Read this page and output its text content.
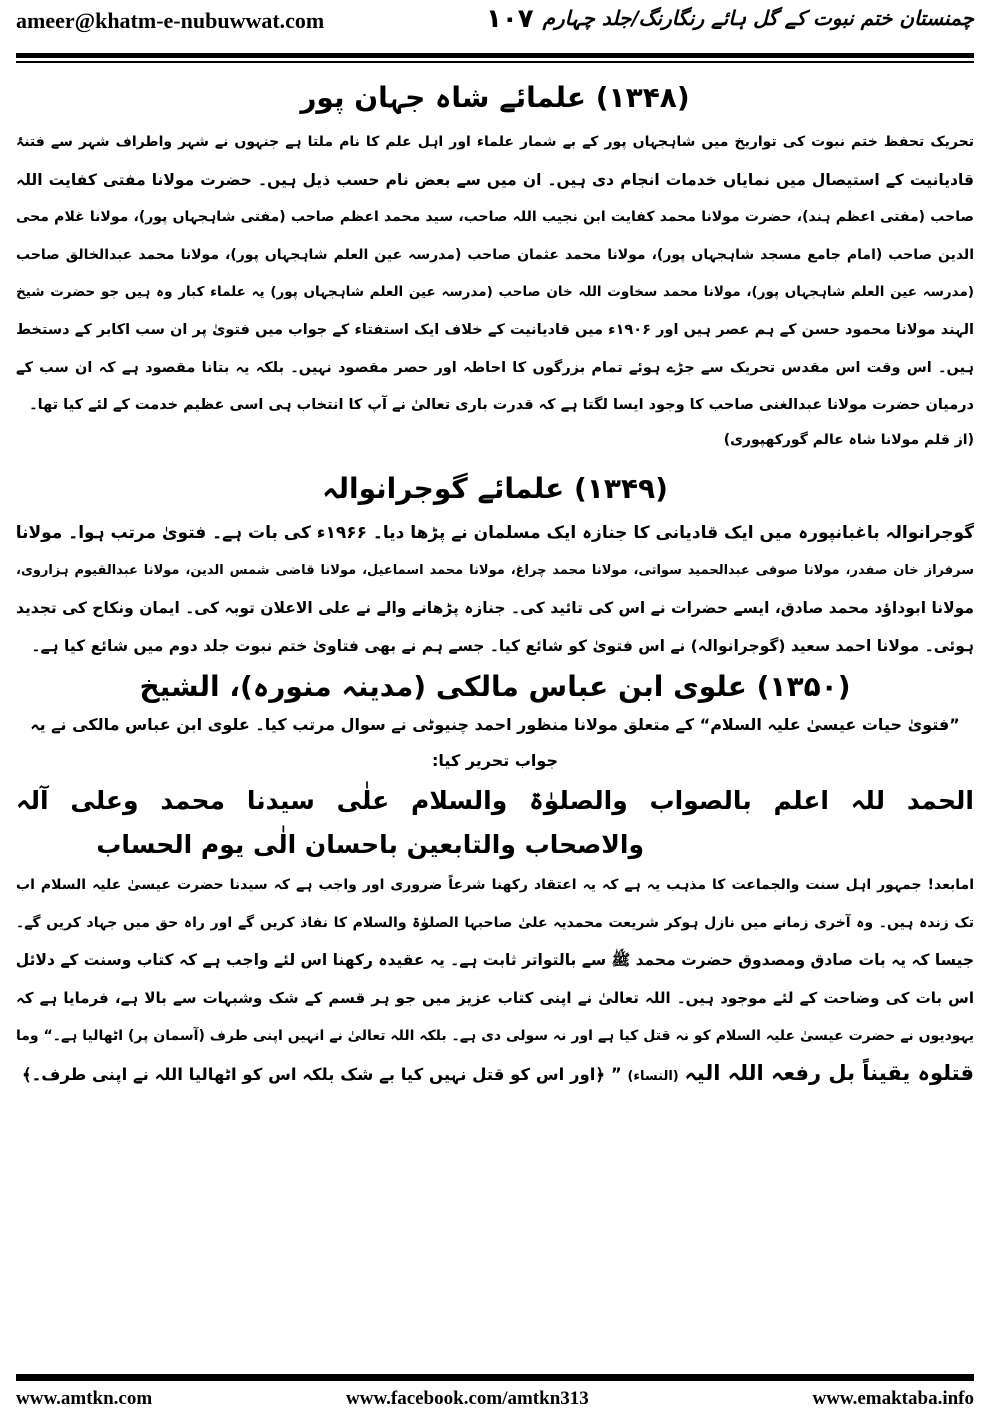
ameer@khatm-e-nubuwwat.com	۱۰۷ چمنستان ختم نبوت کے گل ہائے رنگارنگ/جلد چہارم
(۱۳۴۸) علمائے شاہ جہان پور
تحریک تحفظ ختم نبوت کی تواریخ میں شاہجہاں پور کے بے شمار علماء اور اہل علم کا نام ملتا ہے جنہوں نے شہر واطراف شہر سے فتنۂ
قادیانیت کے استیصال میں نمایاں خدمات انجام دی ہیں۔ ان میں سے بعض نام حسب ذیل ہیں۔ حضرت مولانا مفتی کفایت اللہ
صاحب (مفتی اعظم ہند)، حضرت مولانا محمد کفایت ابن نجیب اللہ صاحب، سید محمد اعظم صاحب (مفتی شاہجہاں پور)، مولانا غلام محی
الدین صاحب (امام جامع مسجد شاہجہاں پور)، مولانا محمد عثمان صاحب (مدرسہ عین العلم شاہجہاں پور)، مولانا محمد عبدالخالق صاحب
(مدرسہ عین العلم شاہجہاں پور)، مولانا محمد سخاوت اللہ خان صاحب (مدرسہ عین العلم شاہجہاں پور) یہ علماء کبار وہ ہیں جو حضرت شیخ
الہند مولانا محمود حسن کے ہم عصر ہیں اور ۱۹۰۶ء میں قادیانیت کے خلاف ایک استفتاء کے جواب میں فتویٰ پر ان سب اکابر کے دستخط
ہیں۔ اس وقت اس مقدس تحریک سے جڑے ہوئے تمام بزرگوں کا احاطہ اور حصر مقصود نہیں۔ بلکہ یہ بتانا مقصود ہے کہ ان سب کے
درمیان حضرت مولانا عبدالغنی صاحب کا وجود ایسا لگتا ہے کہ قدرت باری تعالیٰ نے آپ کا انتخاب ہی اسی عظیم خدمت کے لئے کیا تھا۔
(از قلم مولانا شاہ عالم گورکھپوری)
(۱۳۴۹) علمائے گوجرانوالہ
گوجرانوالہ باغبانپورہ میں ایک قادیانی کا جنازہ ایک مسلمان نے پڑھا دیا۔ ۱۹۶۶ء کی بات ہے۔ فتویٰ مرتب ہوا۔ مولانا
سرفراز خان صفدر، مولانا صوفی عبدالحمید سواتی، مولانا محمد چراغ، مولانا محمد اسماعیل، مولانا قاضی شمس الدین، مولانا عبدالقیوم ہزاروی،
مولانا ابوداؤد محمد صادق، ایسے حضرات نے اس کی تائید کی۔ جنازہ پڑھانے والے نے علی الاعلان توبہ کی۔ ایمان ونکاح کی تجدید
ہوئی۔ مولانا احمد سعید (گوجرانوالہ) نے اس فتویٰ کو شائع کیا۔ جسے ہم نے بھی فتاویٰ ختم نبوت جلد دوم میں شائع کیا ہے۔
(۱۳۵۰) علوی ابن عباس مالکی (مدینہ منورہ)، الشیخ
”فتویٰ حیات عیسیٰ علیہ السلام“ کے متعلق مولانا منظور احمد چنیوٹی نے سوال مرتب کیا۔ علوی ابن عباس مالکی نے یہ جواب تحریر کیا:
الحمد للہ اعلم بالصواب والصلوٰۃ والسلام علٰی سیدنا محمد وعلی آلہ
والاصحاب والتابعین باحسان الٰی یوم الحساب
امابعد! جمہور اہل سنت والجماعت کا مذہب یہ ہے کہ یہ اعتقاد رکھنا شرعاً ضروری اور واجب ہے کہ سیدنا حضرت عیسیٰ علیہ السلام اب
تک زندہ ہیں۔ وہ آخری زمانے میں نازل ہوکر شریعت محمدیہ علیٰ صاحبہا الصلوٰۃ والسلام کا نفاذ کریں گے اور راہ حق میں جہاد کریں گے۔
جیسا کہ یہ بات صادق ومصدوق حضرت محمد ﷺ سے بالتواتر ثابت ہے۔ یہ عقیدہ رکھنا اس لئے واجب ہے کہ کتاب وسنت کے دلائل
اس بات کی وضاحت کے لئے موجود ہیں۔ اللہ تعالیٰ نے اپنی کتاب عزیز میں جو ہر قسم کے شک وشبہات سے بالا ہے، فرمایا ہے کہ
یہودیوں نے حضرت عیسیٰ علیہ السلام کو نہ قتل کیا ہے اور نہ سولی دی ہے۔ بلکہ اللہ تعالیٰ نے انہیں اپنی طرف (آسمان پر) اٹھالیا ہے۔“ وما
قتلوہ یقیناً بل رفعہ اللہ الیہ (النساء) ” ﴿اور اس کو قتل نہیں کیا بے شک بلکہ اس کو اٹھالیا اللہ نے اپنی طرف۔﴾
www.amtkn.com	www.facebook.com/amtkn313	www.emaktaba.info
